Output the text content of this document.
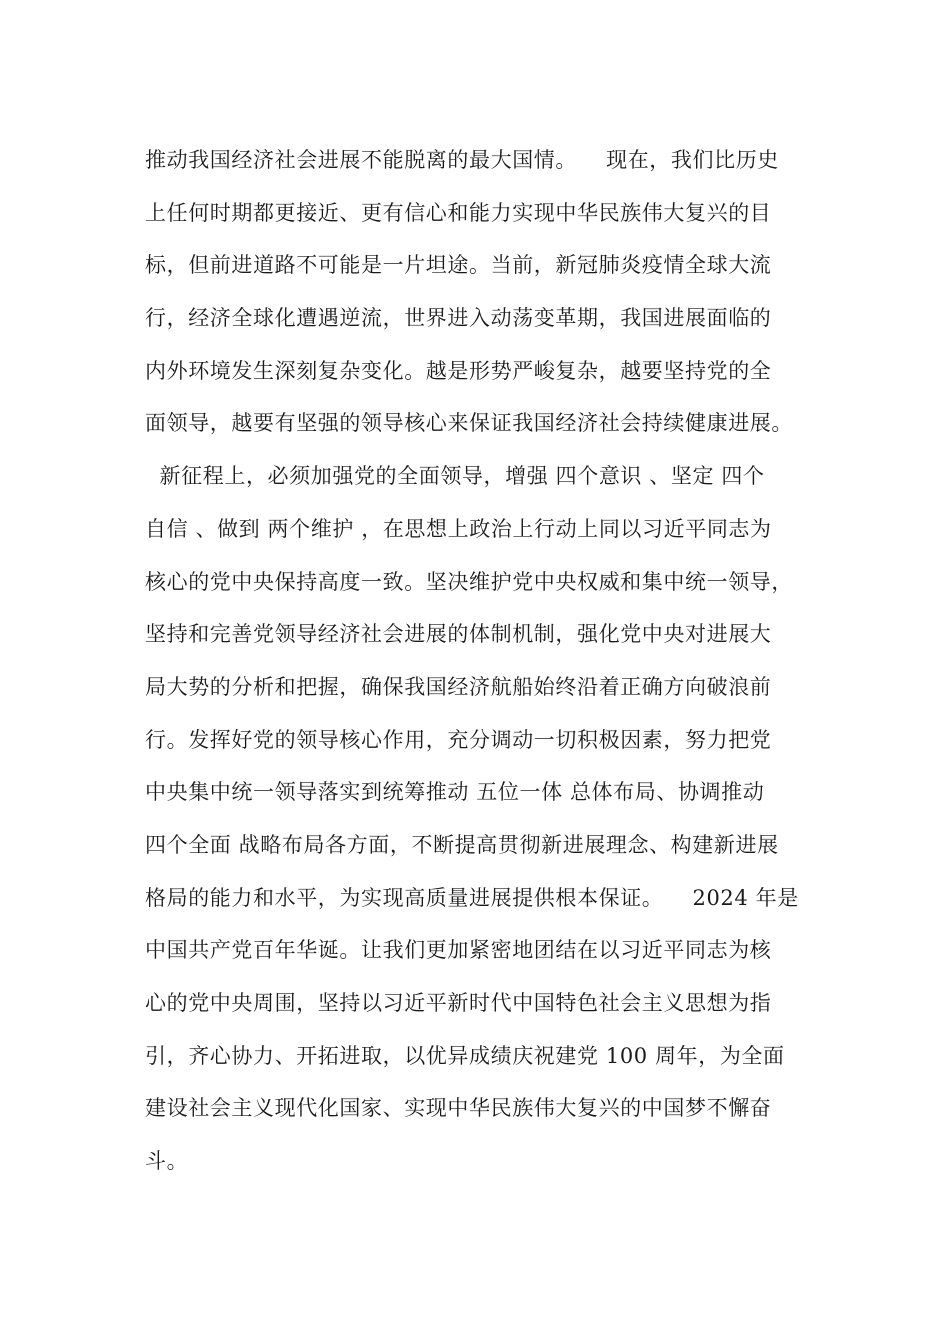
推动我国经济社会进展不能脱离的最大国情。    现在，我们比历史
上任何时期都更接近、更有信心和能力实现中华民族伟大复兴的目
标，但前进道路不可能是一片坦途。当前，新冠肺炎疫情全球大流
行，经济全球化遭遇逆流，世界进入动荡变革期，我国进展面临的
内外环境发生深刻复杂变化。越是形势严峻复杂，越要坚持党的全
面领导，越要有坚强的领导核心来保证我国经济社会持续健康进展。
新征程上，必须加强党的全面领导，增强 四个意识 、坚定 四个
自信 、做到 两个维护 ，在思想上政治上行动上同以习近平同志为
核心的党中央保持高度一致。坚决维护党中央权威和集中统一领导，
坚持和完善党领导经济社会进展的体制机制，强化党中央对进展大
局大势的分析和把握，确保我国经济航船始终沿着正确方向破浪前
行。发挥好党的领导核心作用，充分调动一切积极因素，努力把党
中央集中统一领导落实到统筹推动 五位一体 总体布局、协调推动
四个全面 战略布局各方面，不断提高贯彻新进展理念、构建新进展
格局的能力和水平，为实现高质量进展提供根本保证。    2024 年是
中国共产党百年华诞。让我们更加紧密地团结在以习近平同志为核
心的党中央周围，坚持以习近平新时代中国特色社会主义思想为指
引，齐心协力、开拓进取，以优异成绩庆祝建党 100 周年，为全面
建设社会主义现代化国家、实现中华民族伟大复兴的中国梦不懈奋
斗。
